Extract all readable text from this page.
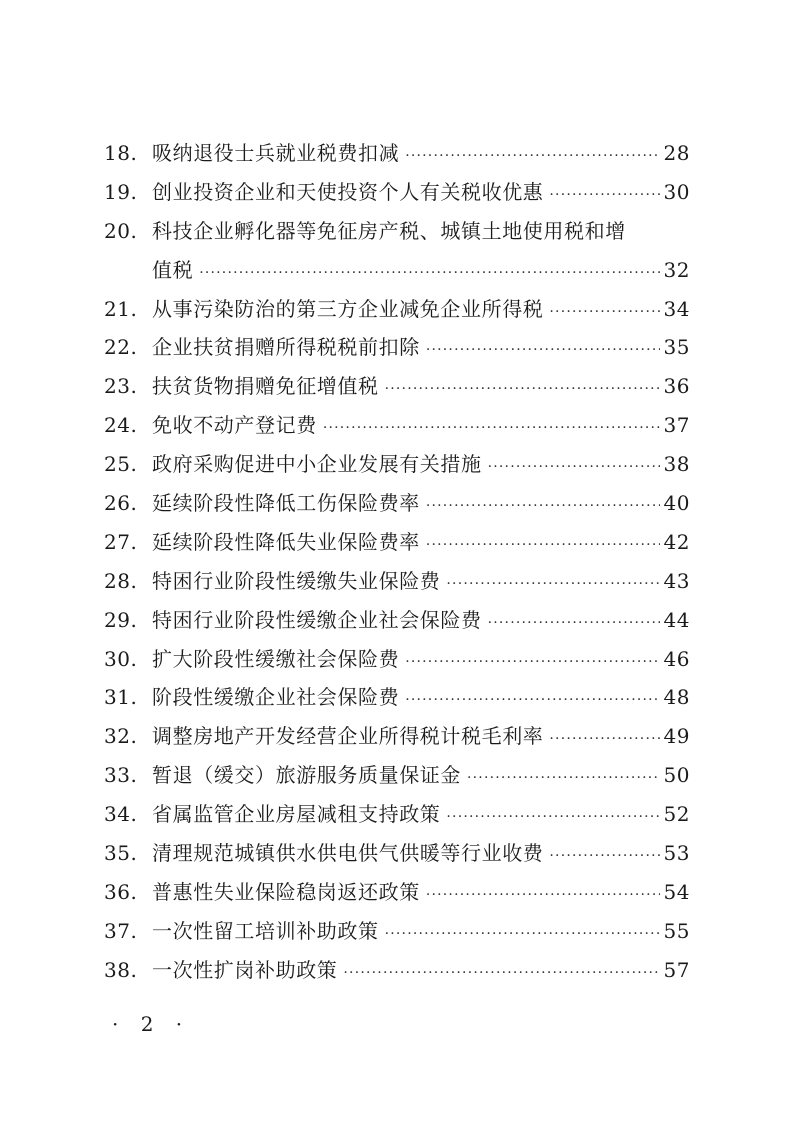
18. 吸纳退役士兵就业税费扣减 ·····	28
19. 创业投资企业和天使投资个人有关税收优惠 ·····	30
20. 科技企业孵化器等免征房产税、城镇土地使用税和增
值税 ·····	32
21. 从事污染防治的第三方企业减免企业所得税 ·····	34
22. 企业扶贫捐赠所得税税前扣除 ·····	35
23. 扶贫货物捐赠免征增值税 ·····	36
24. 免收不动产登记费 ·····	37
25. 政府采购促进中小企业发展有关措施 ·····	38
26. 延续阶段性降低工伤保险费率 ·····	40
27. 延续阶段性降低失业保险费率 ·····	42
28. 特困行业阶段性缓缴失业保险费 ·····	43
29. 特困行业阶段性缓缴企业社会保险费 ·····	44
30. 扩大阶段性缓缴社会保险费 ·····	46
31. 阶段性缓缴企业社会保险费 ·····	48
32. 调整房地产开发经营企业所得税计税毛利率 ·····	49
33. 暂退（缓交）旅游服务质量保证金 ·····	50
34. 省属监管企业房屋减租支持政策 ·····	52
35. 清理规范城镇供水供电供气供暖等行业收费 ·····	53
36. 普惠性失业保险稳岗返还政策 ·····	54
37. 一次性留工培训补助政策 ·····	55
38. 一次性扩岗补助政策 ·····	57
· 2 ·
